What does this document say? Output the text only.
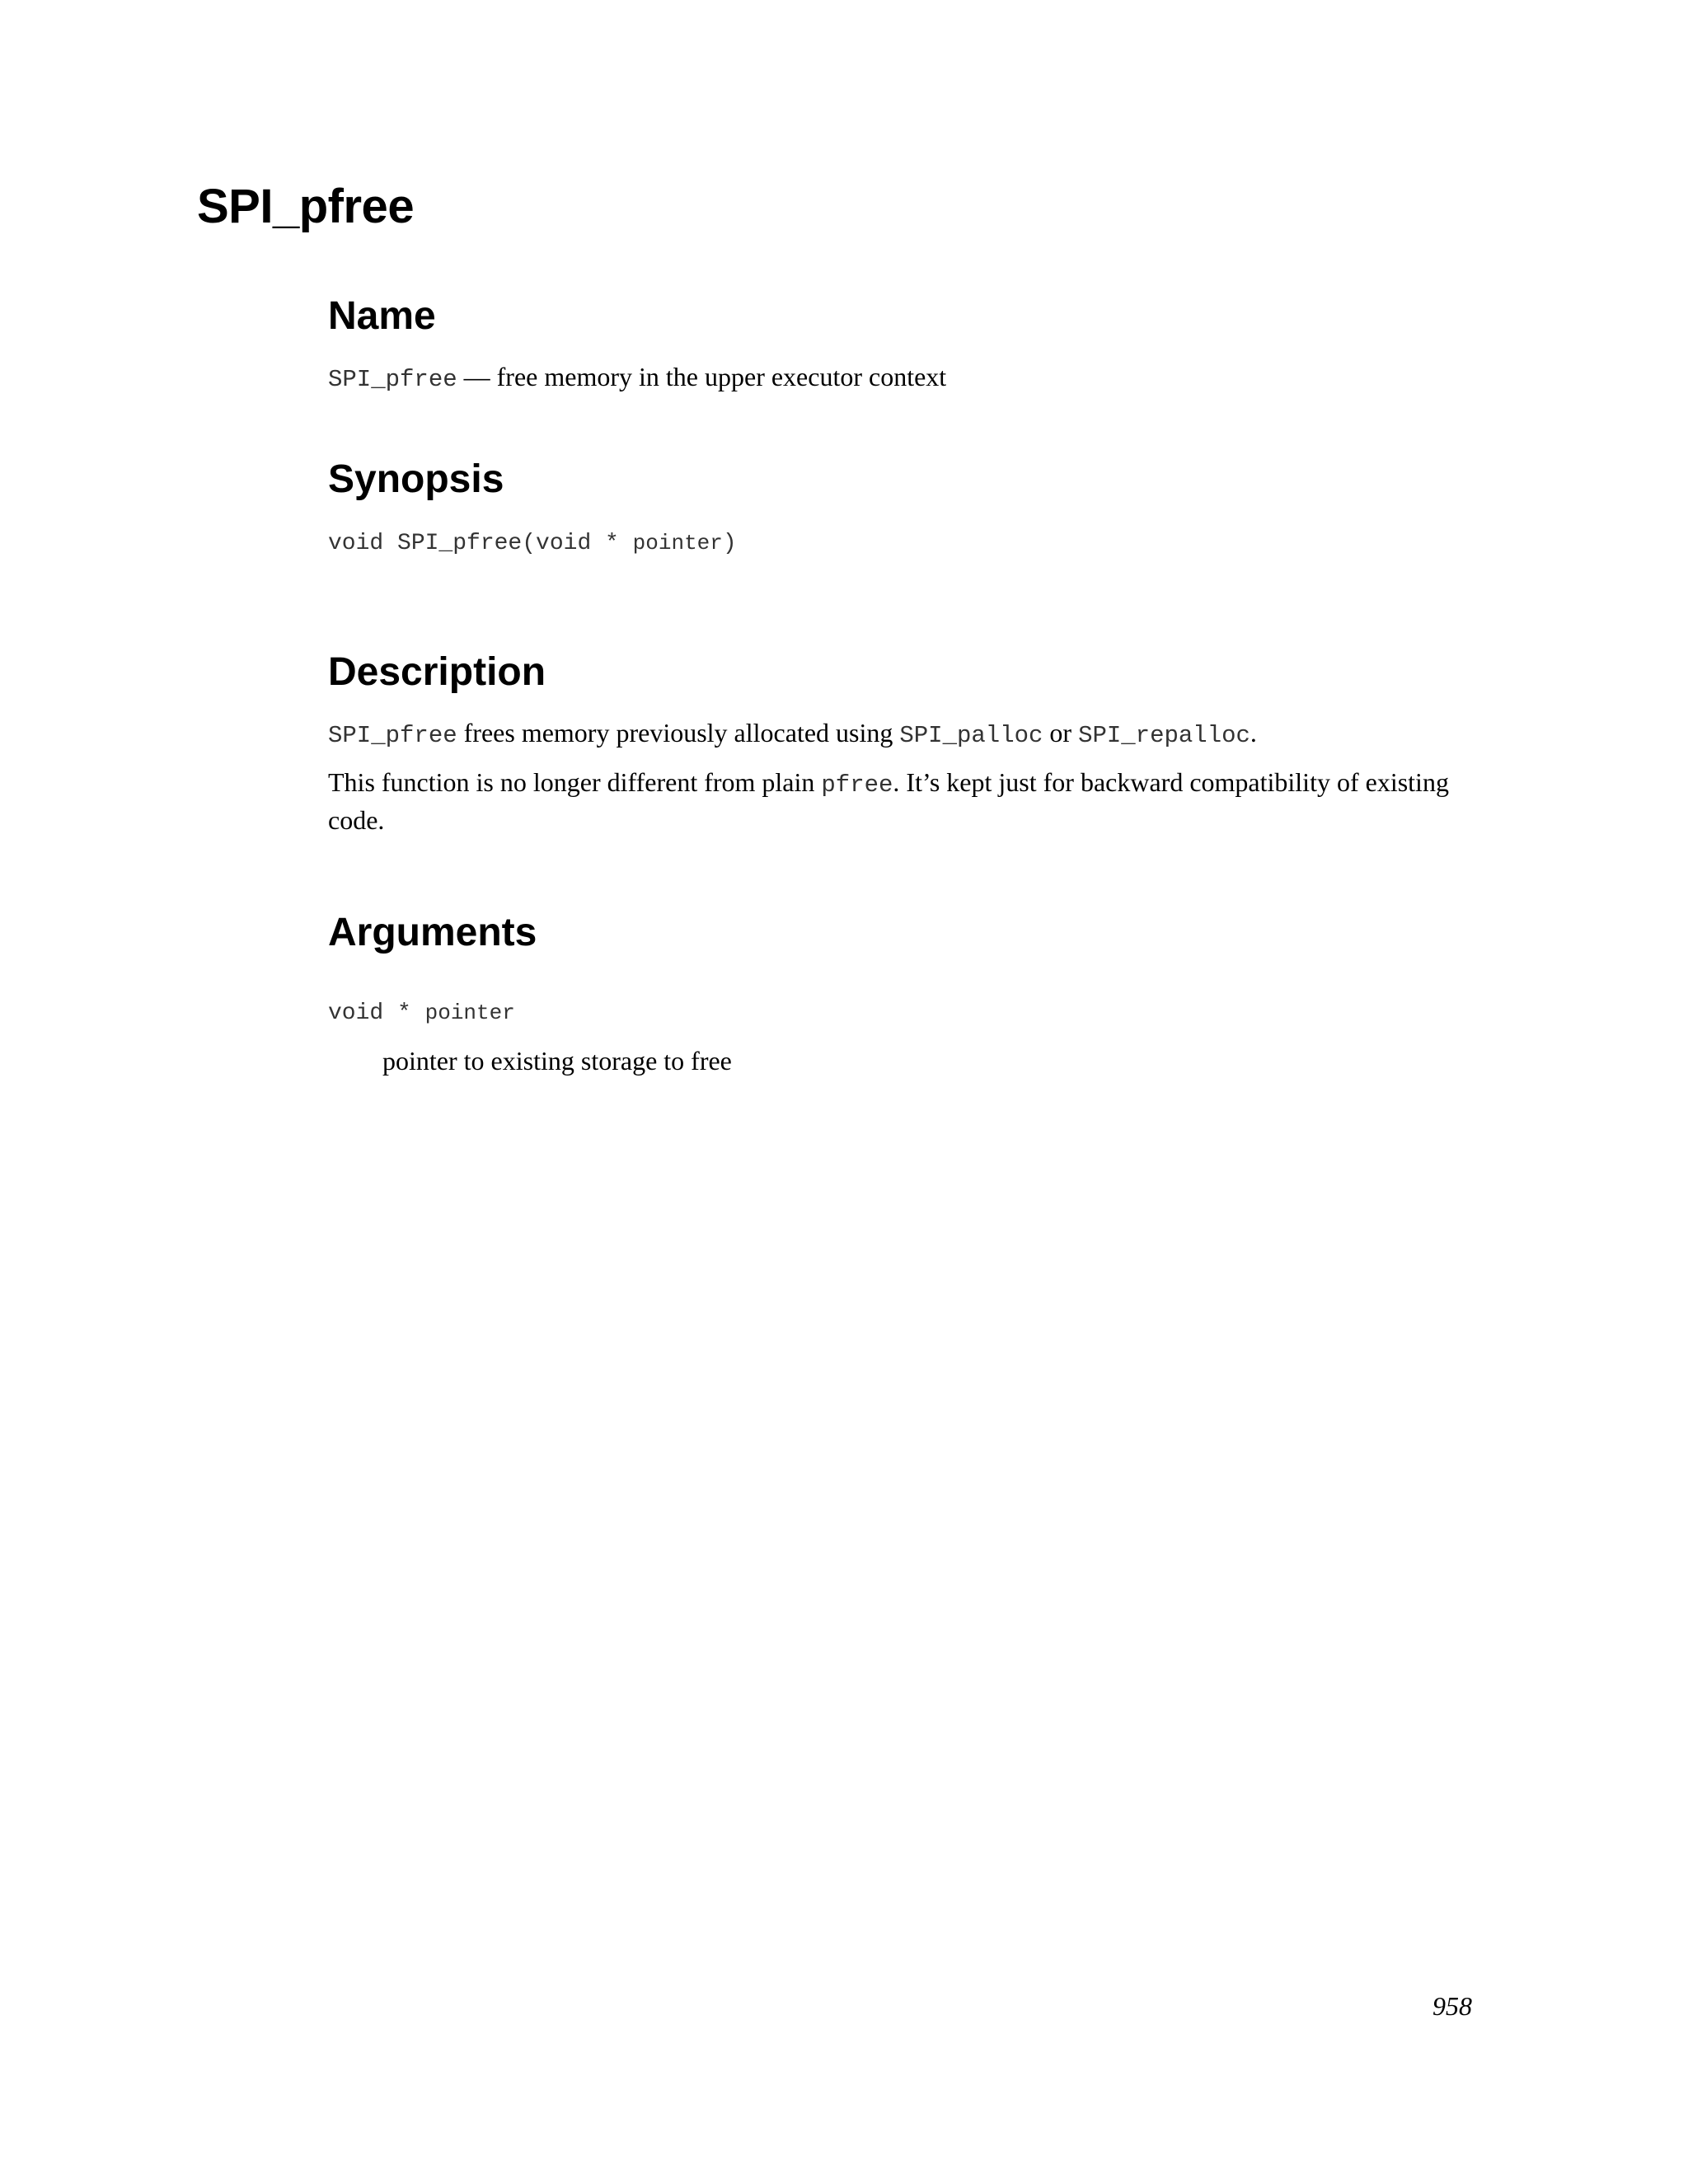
SPI_pfree
Name

SPI_pfree — free memory in the upper executor context

Synopsis

void SPI_pfree(void * pointer)

Description

SPI_pfree frees memory previously allocated using SPI_palloc or SPI_repalloc.

This function is no longer different from plain pfree. It’s kept just for backward compatibility of existing code.

Arguments

void * pointer

pointer to existing storage to free

958
